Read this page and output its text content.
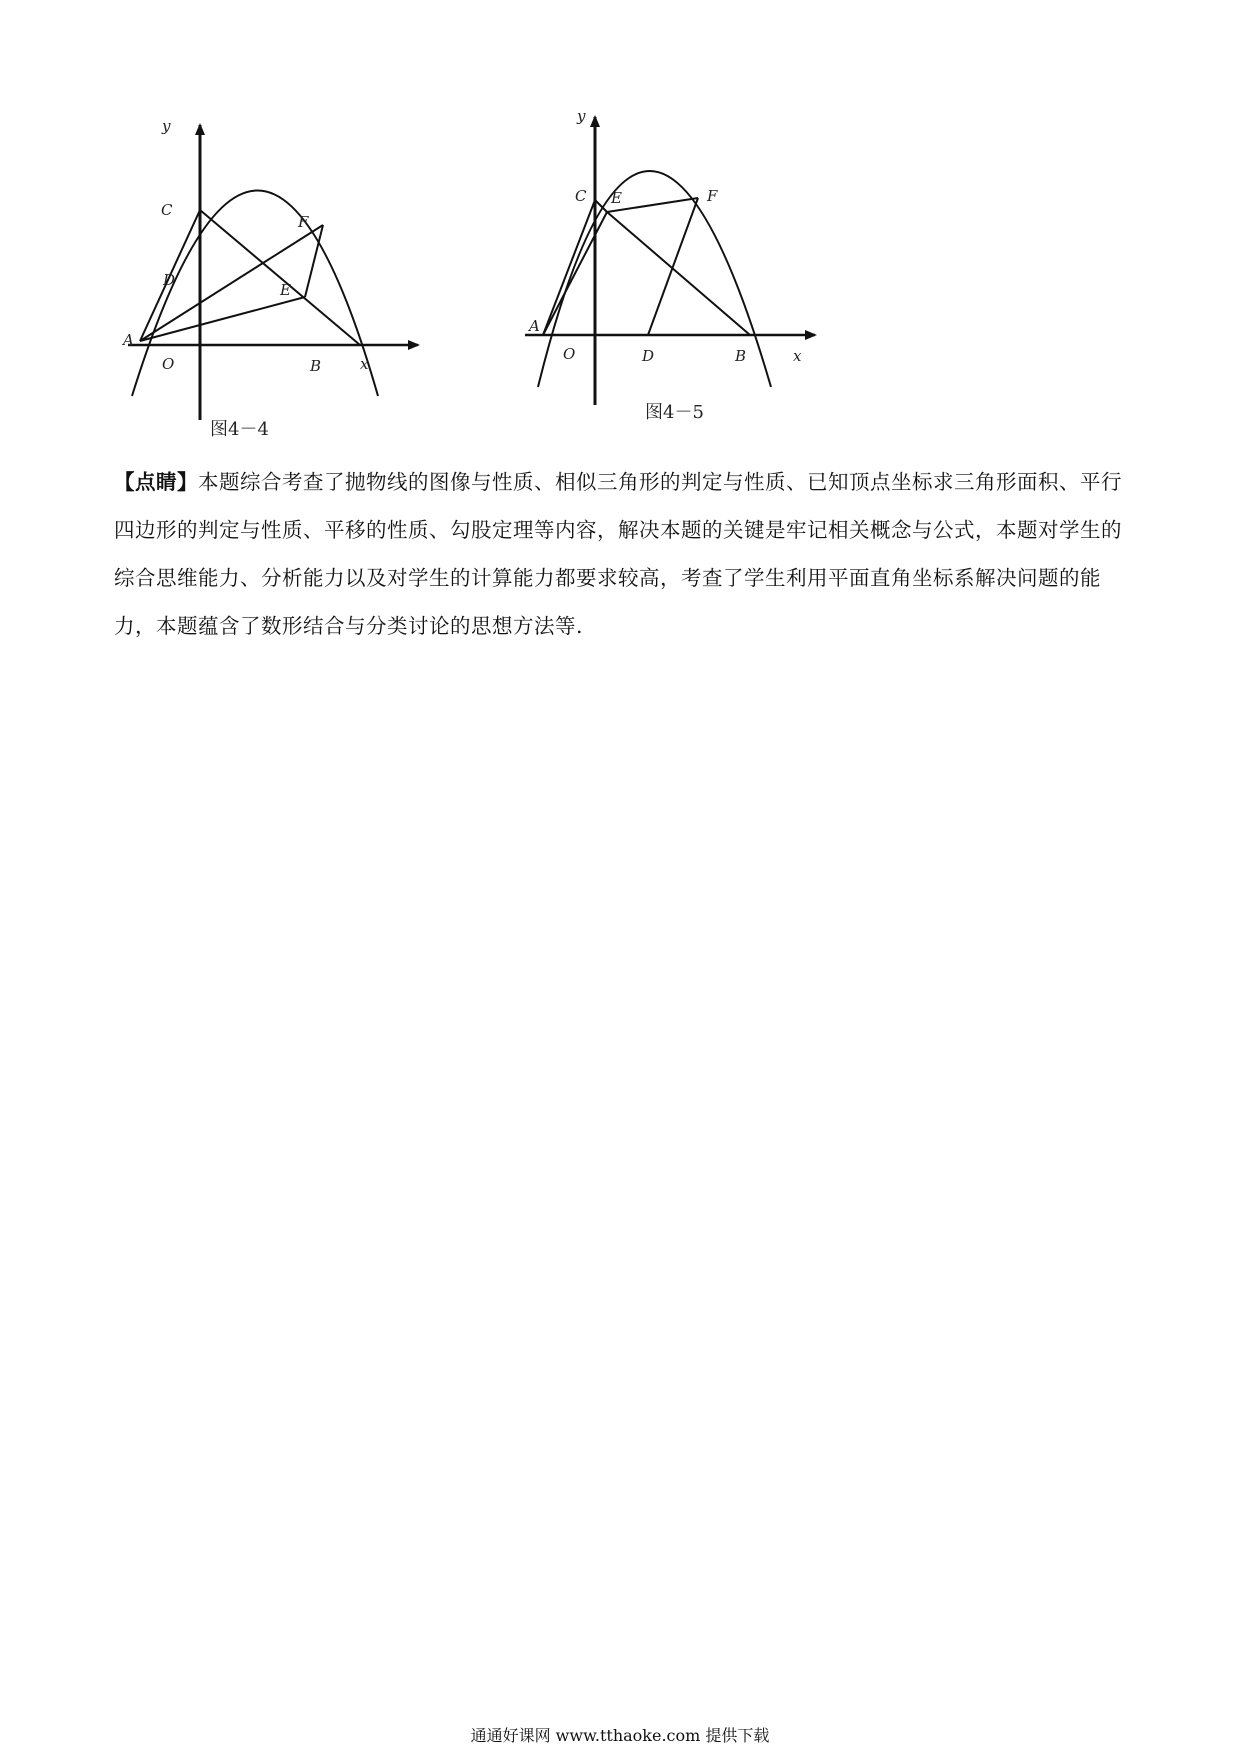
y
x
O
A
B
C
D
E
F
图4－4
y
x
O
A
B
C
D
E	F
图4－5

【点睛】本题综合考查了抛物线的图像与性质、相似三角形的判定与性质、已知顶点坐标求三角形面积、平行四边形的判定与性质、平移的性质、勾股定理等内容，解决本题的关键是牢记相关概念与公式，本题对学生的综合思维能力、分析能力以及对学生的计算能力都要求较高，考查了学生利用平面直角坐标系解决问题的能力，本题蕴含了数形结合与分类讨论的思想方法等.

通通好课网 www.tthaoke.com 提供下载
